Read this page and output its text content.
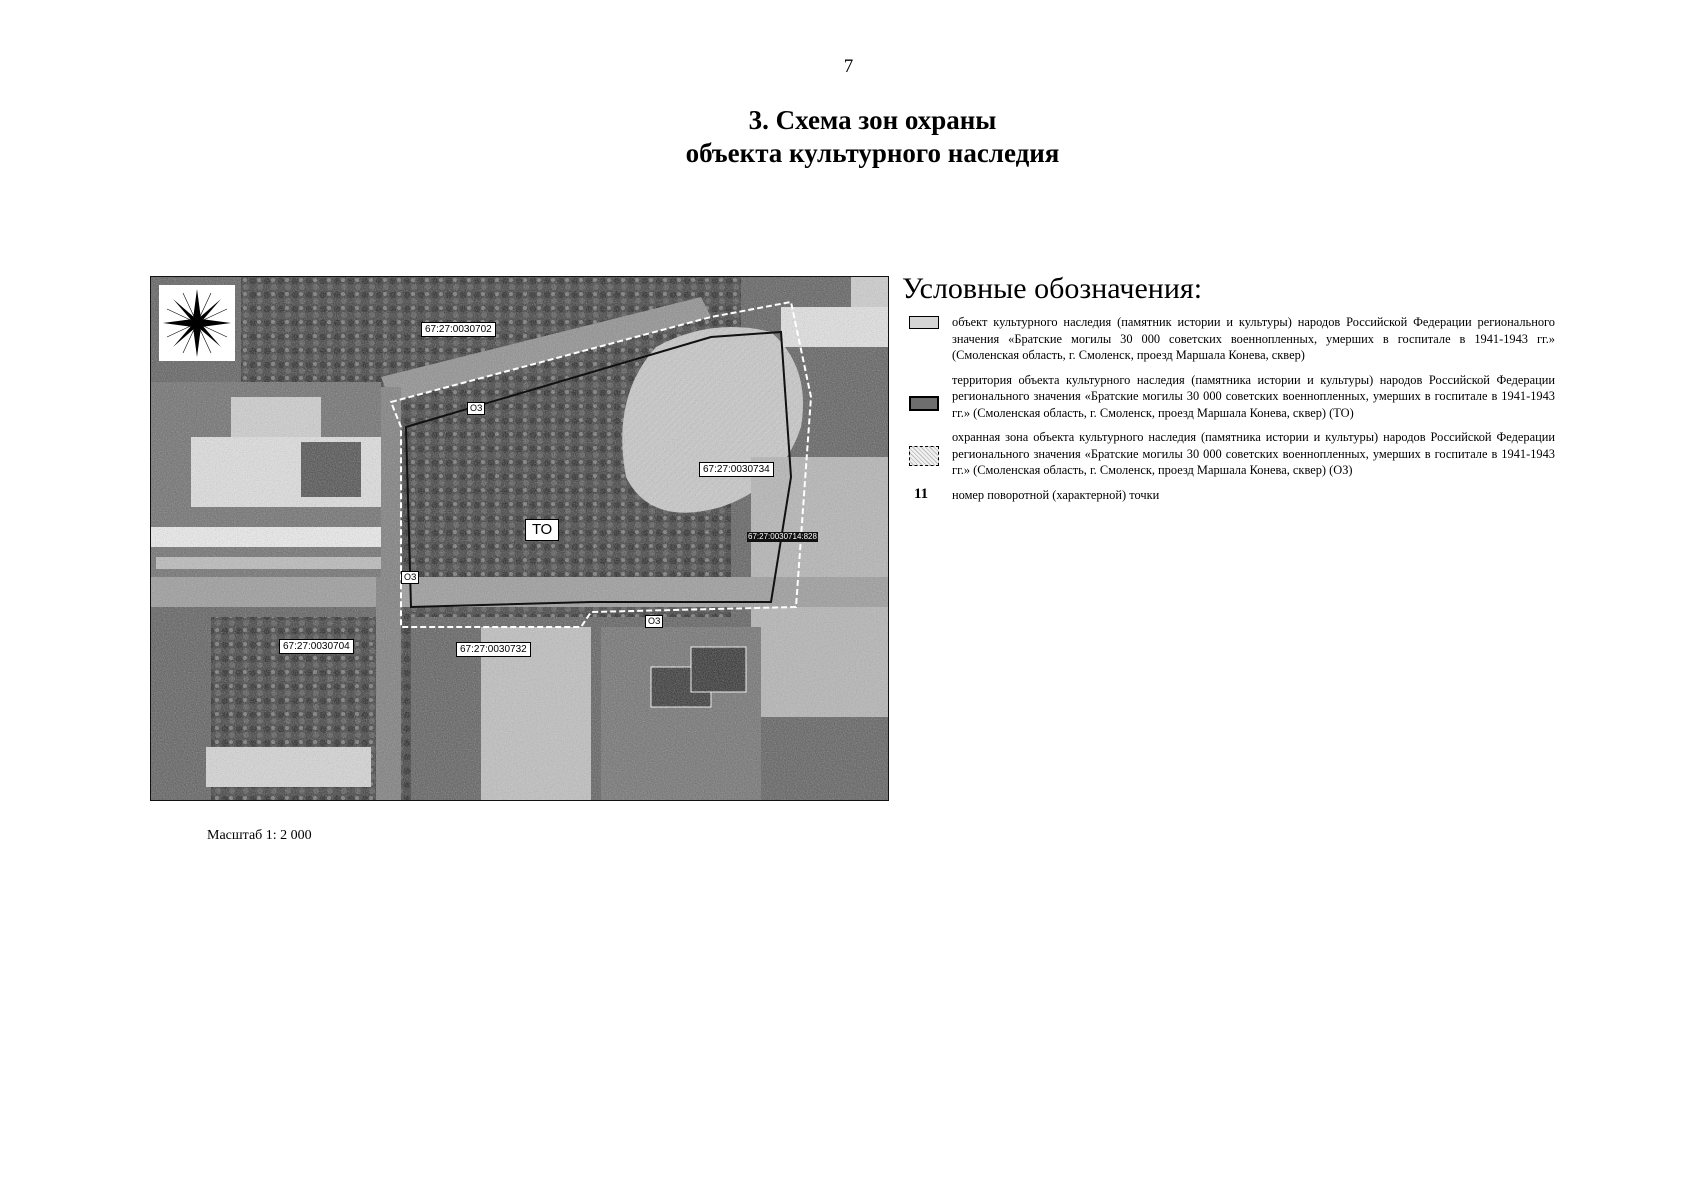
7
3. Схема зон охраны
объекта культурного наследия
67:27:0030702
67:27:0030734
67:27:0030704	67:27:0030732
ОЗ
ОЗ
ОЗ
ТО	67:27:0030714:828
Условные обозначения:
объект культурного наследия (памятник истории и культуры) народов Российской Федерации регионального значения «Братские могилы 30 000 советских военнопленных, умерших в госпитале в 1941-1943 гг.» (Смоленская область, г. Смоленск, проезд Маршала Конева, сквер)
территория объекта культурного наследия (памятника истории и культуры) народов Российской Федерации регионального значения «Братские могилы 30 000 советских военнопленных, умерших в госпитале в 1941-1943 гг.» (Смоленская область, г. Смоленск, проезд Маршала Конева, сквер) (ТО)
охранная зона объекта культурного наследия (памятника истории и культуры) народов Российской Федерации регионального значения «Братские могилы 30 000 советских военнопленных, умерших в госпитале в 1941-1943 гг.» (Смоленская область, г. Смоленск, проезд Маршала Конева, сквер) (ОЗ)
11 номер поворотной (характерной) точки
Масштаб 1: 2 000
